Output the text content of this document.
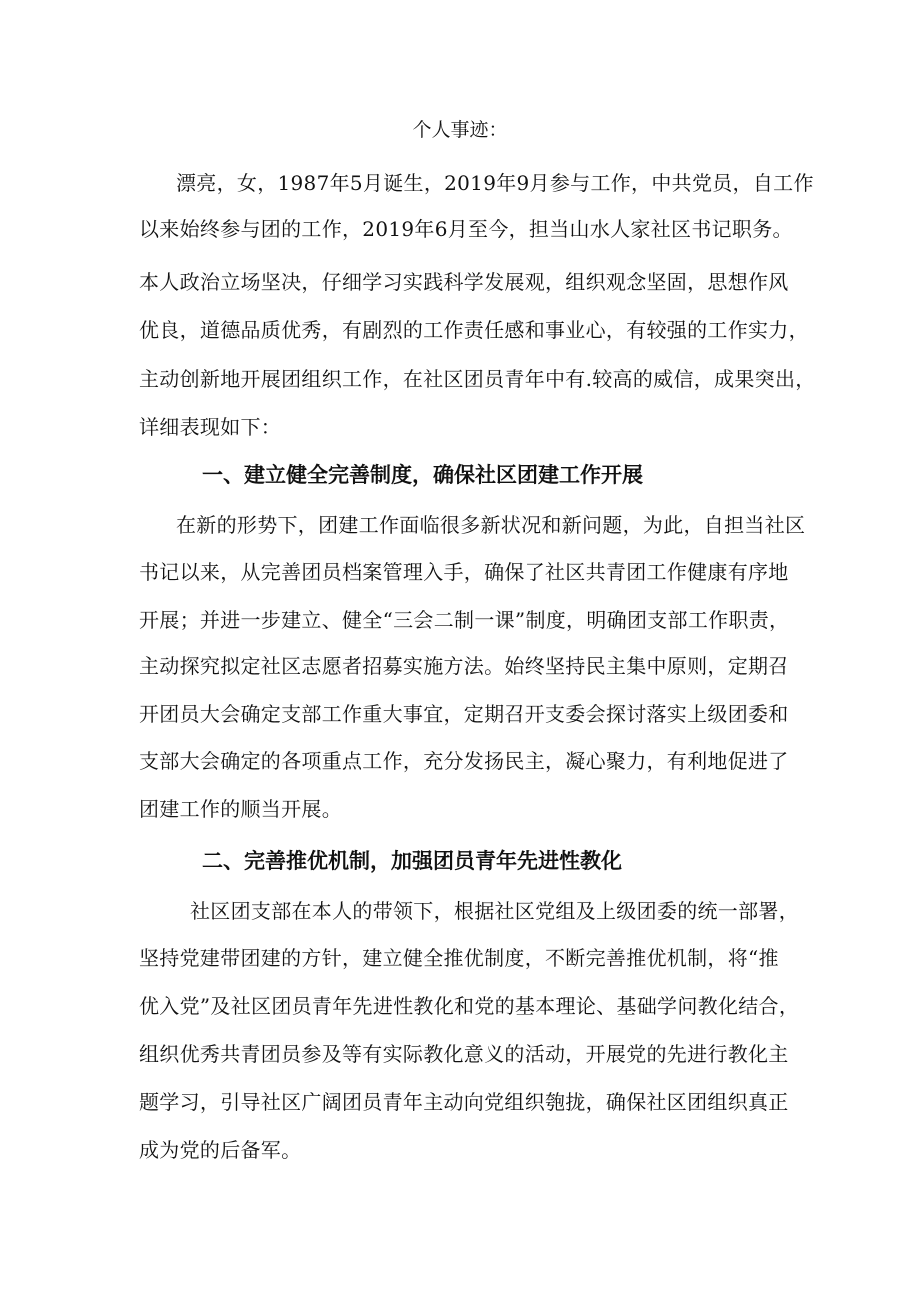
个人事迹：
漂亮，女，1987年5月诞生，2019年9月参与工作，中共党员，自工作
以来始终参与团的工作，2019年6月至今，担当山水人家社区书记职务。
本人政治立场坚决，仔细学习实践科学发展观，组织观念坚固，思想作风
优良，道德品质优秀，有剧烈的工作责任感和事业心，有较强的工作实力，
主动创新地开展团组织工作，在社区团员青年中有.较高的威信，成果突出，
详细表现如下：
一、建立健全完善制度，确保社区团建工作开展
在新的形势下，团建工作面临很多新状况和新问题，为此，自担当社区
书记以来，从完善团员档案管理入手，确保了社区共青团工作健康有序地
开展；并进一步建立、健全“三会二制一课”制度，明确团支部工作职责，
主动探究拟定社区志愿者招募实施方法。始终坚持民主集中原则，定期召
开团员大会确定支部工作重大事宜，定期召开支委会探讨落实上级团委和
支部大会确定的各项重点工作，充分发扬民主，凝心聚力，有利地促进了
团建工作的顺当开展。
二、完善推优机制，加强团员青年先进性教化
社区团支部在本人的带领下，根据社区党组及上级团委的统一部署，
坚持党建带团建的方针，建立健全推优制度，不断完善推优机制，将“推
优入党”及社区团员青年先进性教化和党的基本理论、基础学问教化结合，
组织优秀共青团员参及等有实际教化意义的活动，开展党的先进行教化主
题学习，引导社区广阔团员青年主动向党组织匏拢，确保社区团组织真正
成为党的后备军。
